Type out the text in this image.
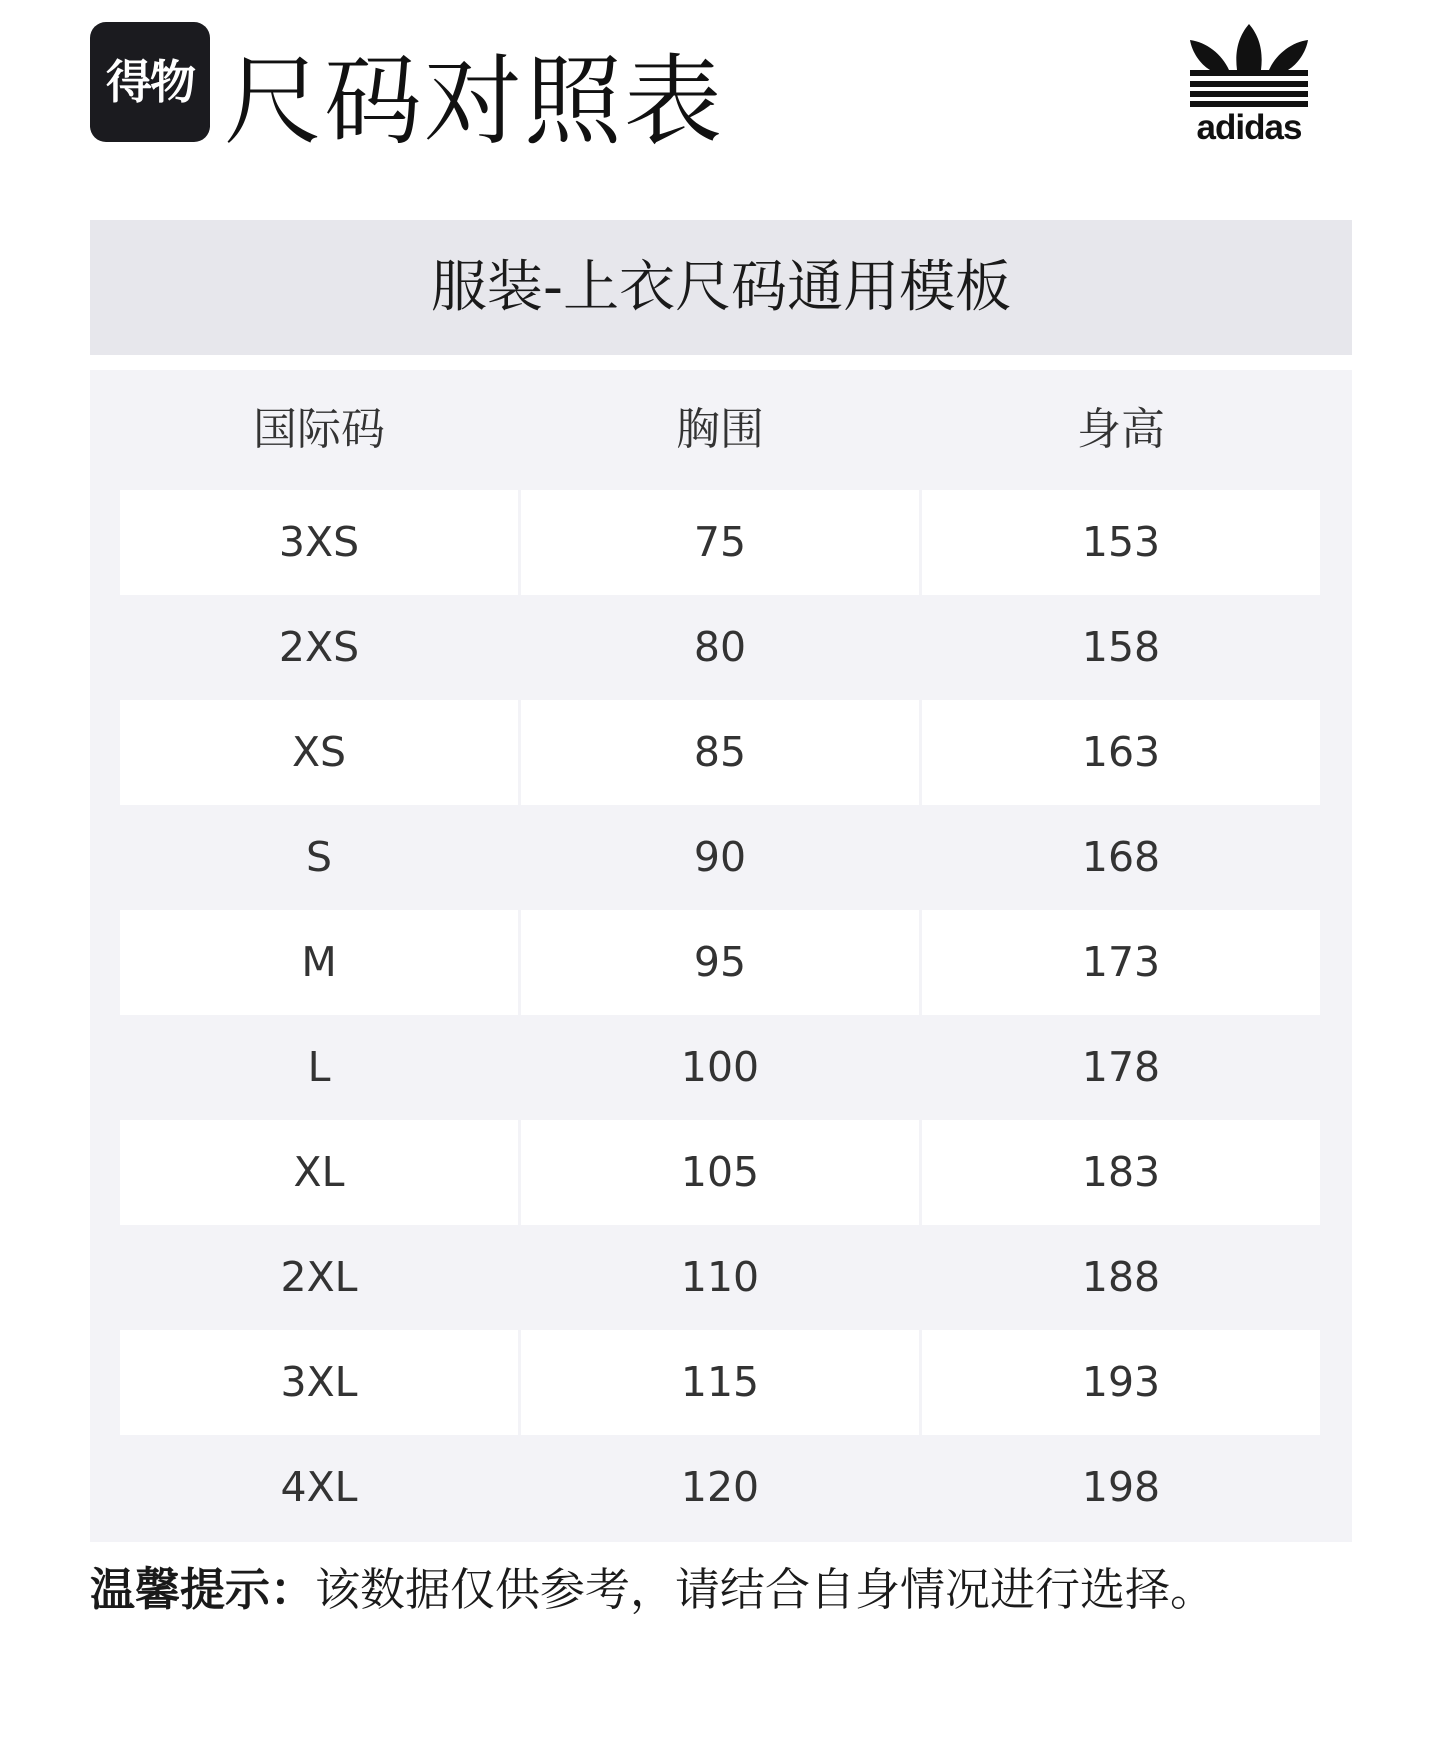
得物 尺码对照表	adidas
服装-上衣尺码通用模板
国际码	胸围	身高
3XS	75	153
2XS	80	158
XS	85	163
S	90	168
M	95	173
L	100	178
XL	105	183
2XL	110	188
3XL	115	193
4XL	120	198
温馨提示：该数据仅供参考，请结合自身情况进行选择。
